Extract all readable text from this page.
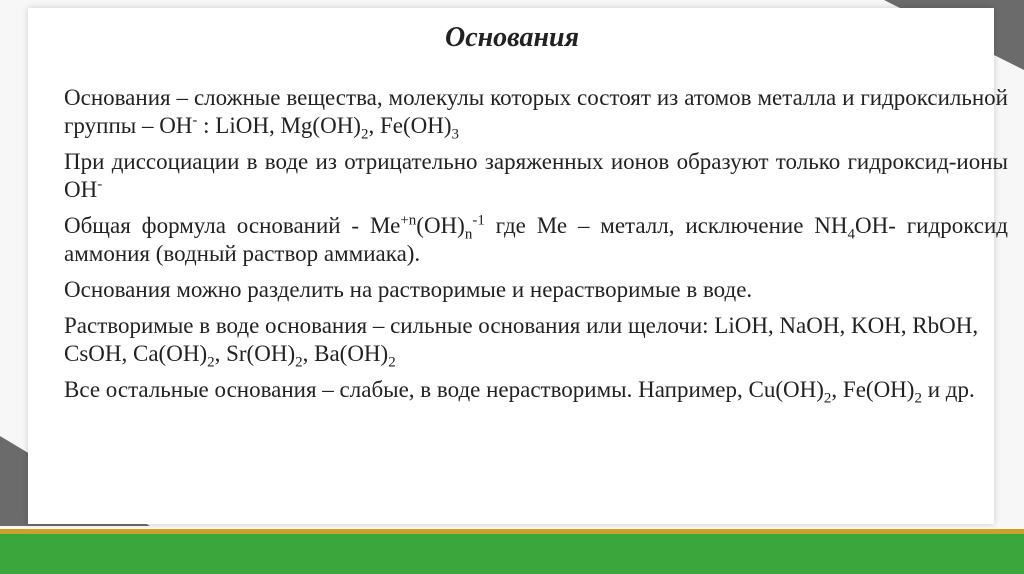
Основания

Основания – сложные вещества, молекулы которых состоят из атомов металла и гидроксильной группы – ОН- : LiOH, $Mg(OH)_2$, $Fe(OH)_3$

При диссоциации в воде из отрицательно заряженных ионов образуют только гидроксид-ионы ОН-

Общая формула оснований - $Ме^{+n}(ОН)_n^{-1}$ где Ме – металл, исключение $NH_4OH-$ гидроксид аммония (водный раствор аммиака).

Основания можно разделить на растворимые и нерастворимые в воде.

Растворимые в воде основания – сильные основания или щелочи: LiOH, NaOH, KOH, RbOH, CsOH, $Ca(OH)_2$, $Sr(OH)_2$, $Ba(OH)_2$

Все остальные основания – слабые, в воде нерастворимы. Например, $Cu(OH)_2$, $Fe(OH)_2$ и др.
